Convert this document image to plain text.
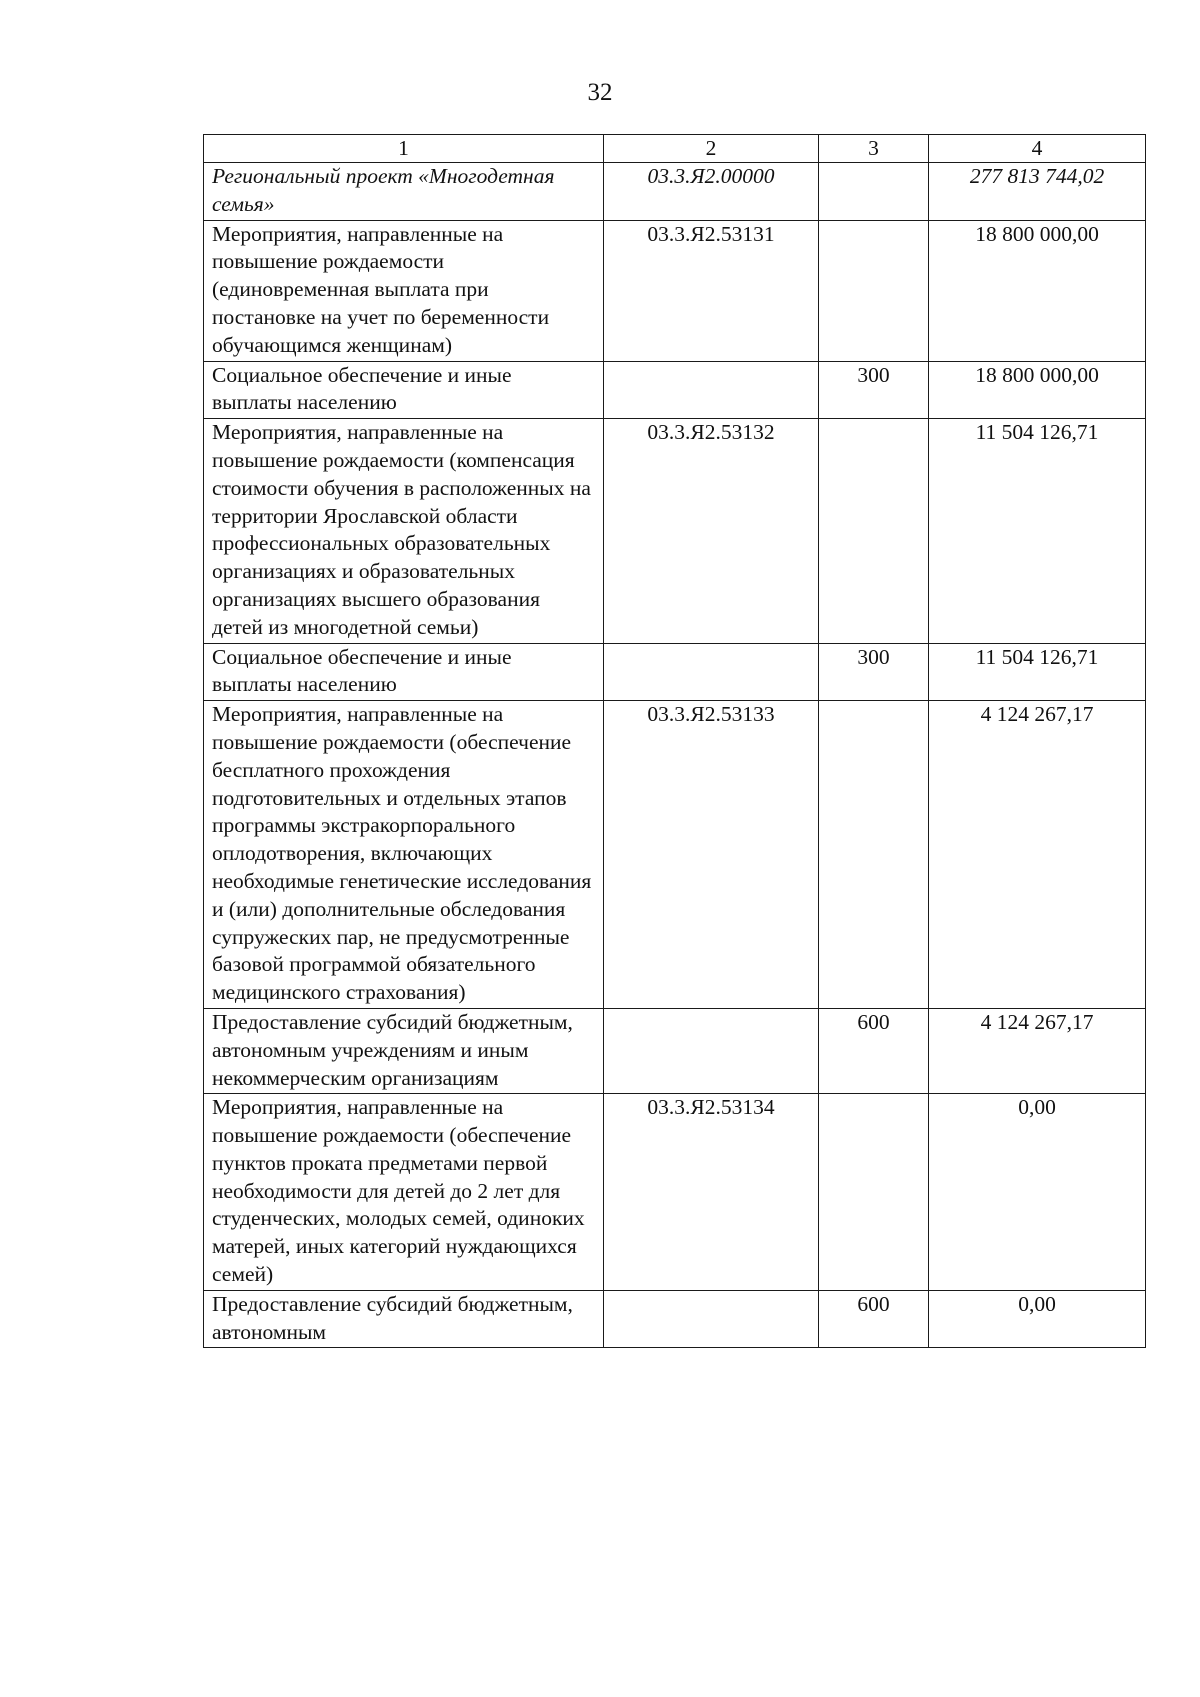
32
1	2	3	4
Региональный проект «Многодетная семья»	03.3.Я2.00000		277 813 744,02
Мероприятия, направленные на повышение рождаемости (единовременная выплата при постановке на учет по беременности обучающимся женщинам)	03.3.Я2.53131		18 800 000,00
Социальное обеспечение и иные выплаты населению		300	18 800 000,00
Мероприятия, направленные на повышение рождаемости (компенсация стоимости обучения в расположенных на территории Ярославской области профессиональных образовательных организациях и образовательных организациях высшего образования детей из многодетной семьи)	03.3.Я2.53132		11 504 126,71
Социальное обеспечение и иные выплаты населению		300	11 504 126,71
Мероприятия, направленные на повышение рождаемости (обеспечение бесплатного прохождения подготовительных и отдельных этапов программы экстракорпорального оплодотворения, включающих необходимые генетические исследования и (или) дополнительные обследования супружеских пар, не предусмотренные базовой программой обязательного медицинского страхования)	03.3.Я2.53133		4 124 267,17
Предоставление субсидий бюджетным, автономным учреждениям и иным некоммерческим организациям		600	4 124 267,17
Мероприятия, направленные на повышение рождаемости (обеспечение пунктов проката предметами первой необходимости для детей до 2 лет для студенческих, молодых семей, одиноких матерей, иных категорий нуждающихся семей)	03.3.Я2.53134		0,00
Предоставление субсидий бюджетным, автономным		600	0,00
